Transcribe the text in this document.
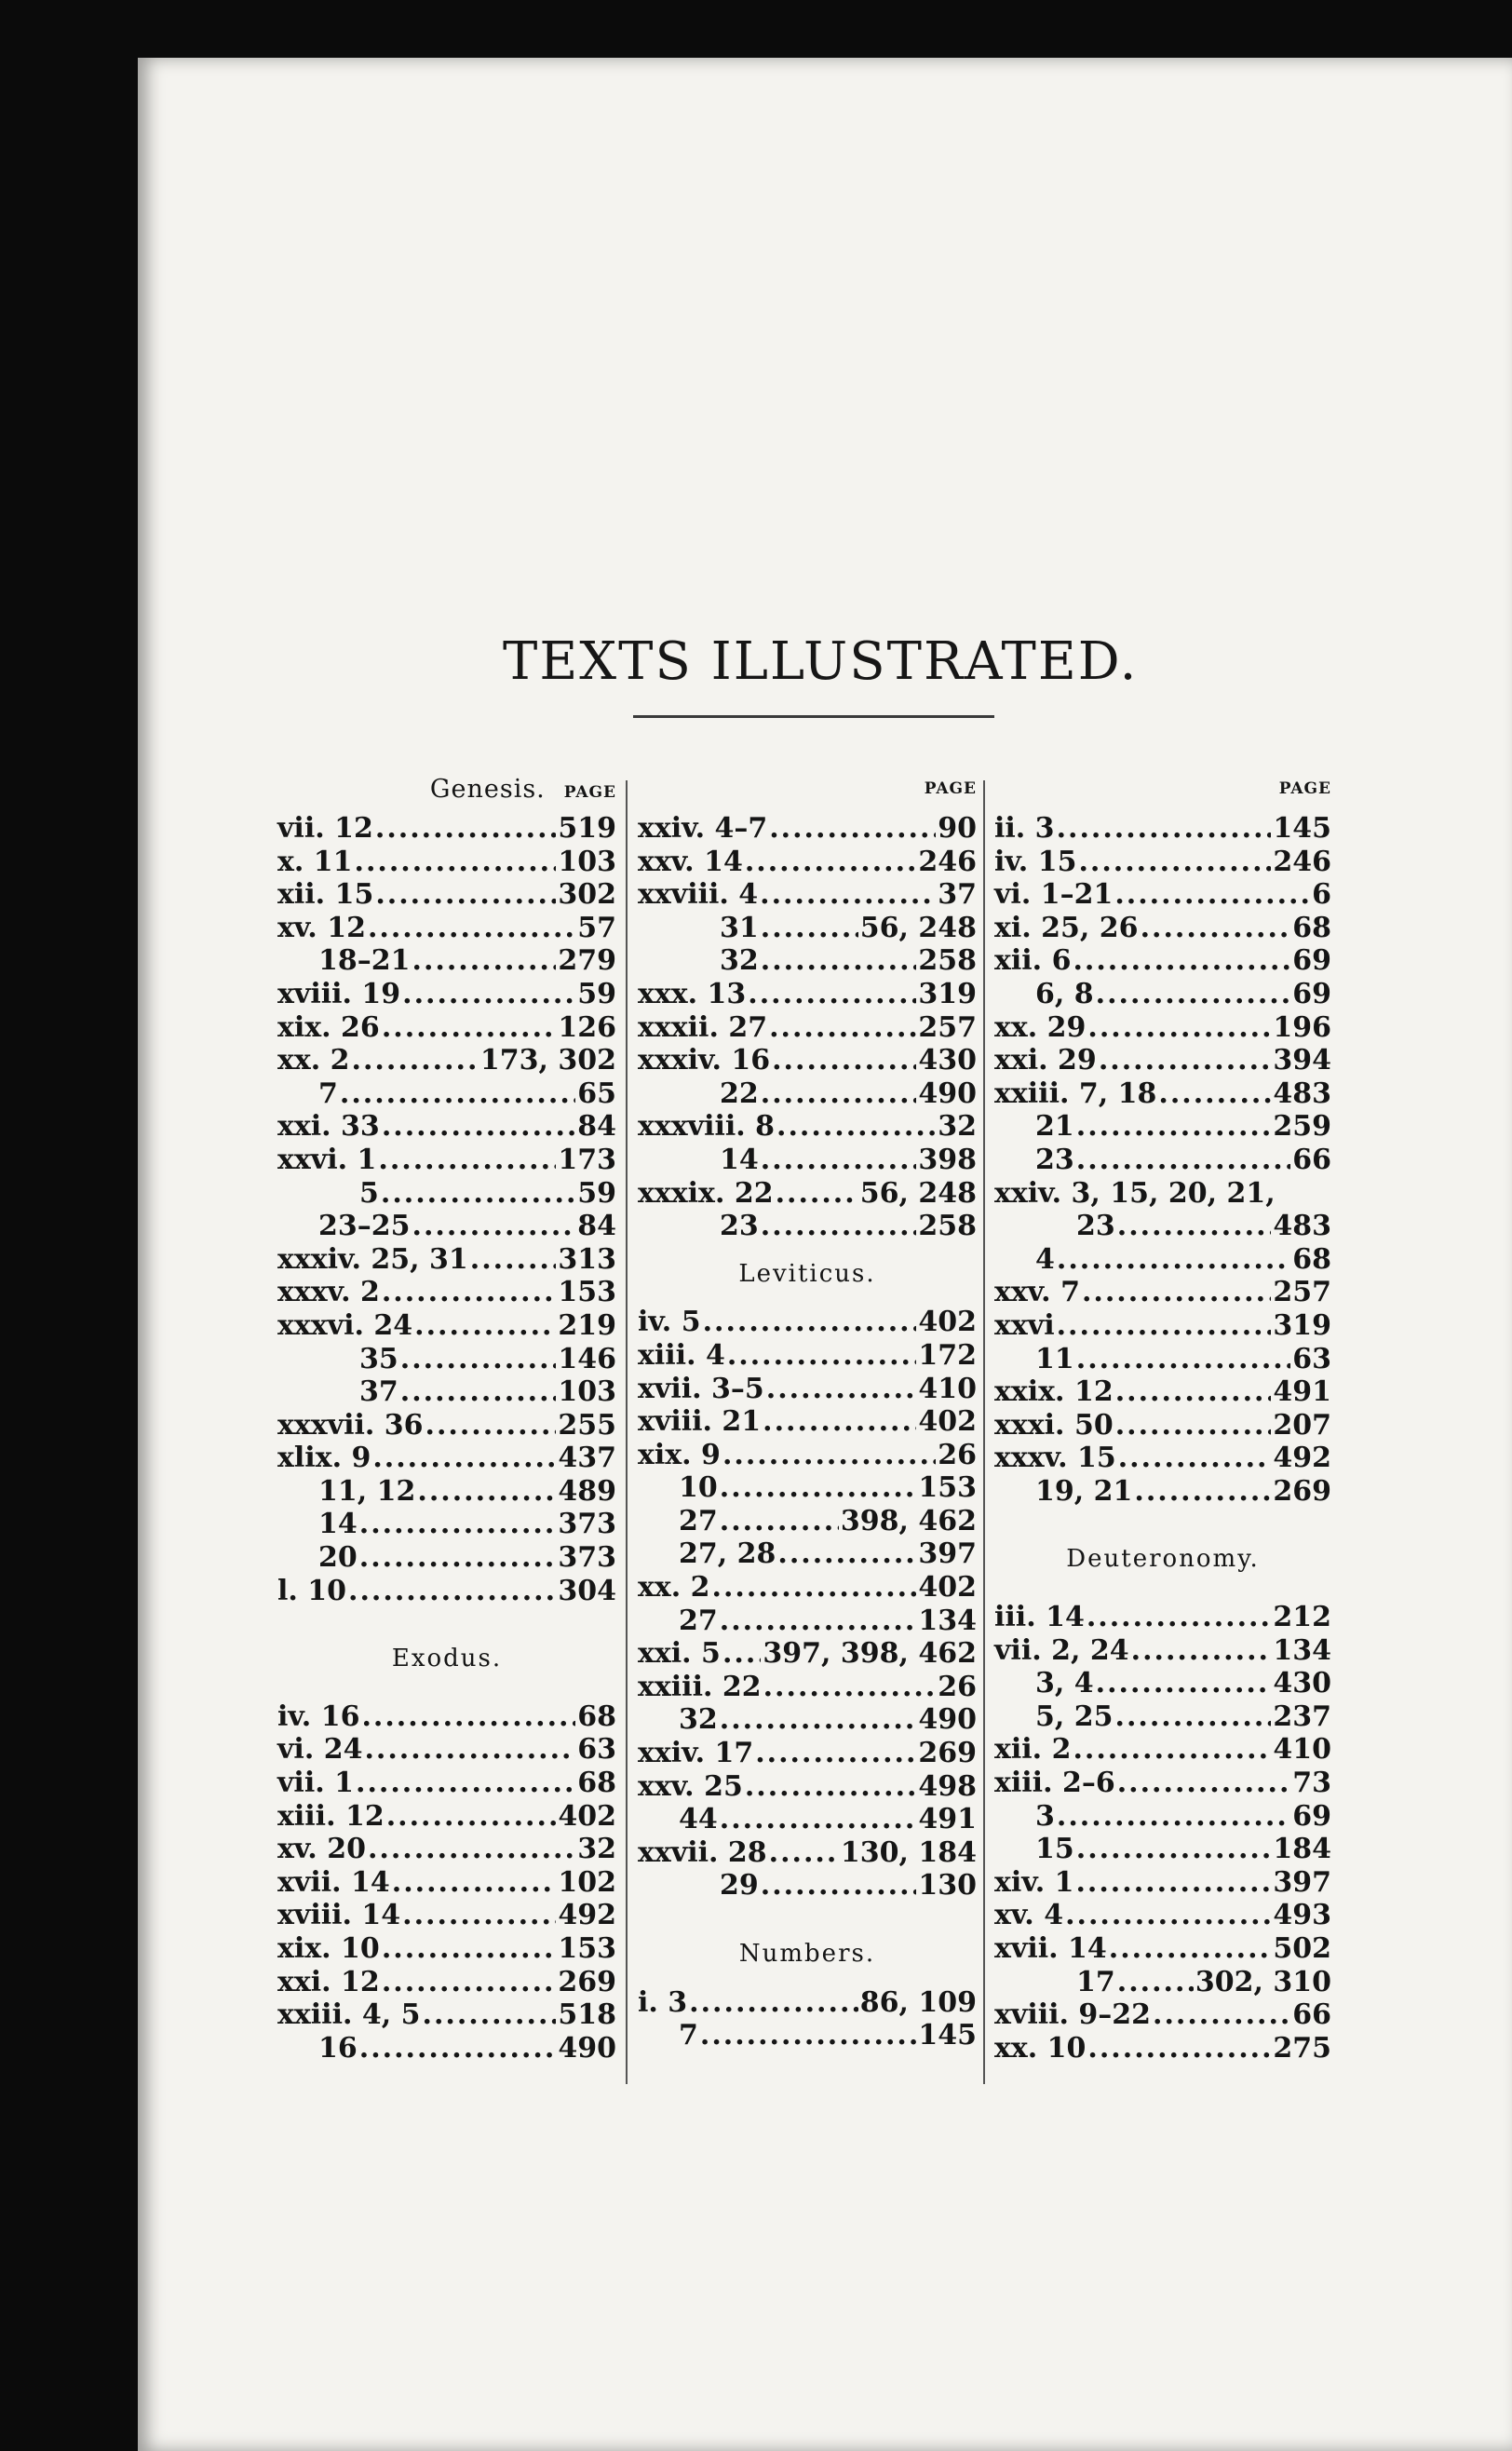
TEXTS ILLUSTRATED.
Genesis. PAGE
vii. 12 .....	519
x. 11 .....	103
xii. 15 .....	302
xv. 12 .....	57
18–21 .....	279
xviii. 19 .....	59
xix. 26 .....	126
xx. 2 .....	173, 302
7 .....	65
xxi. 33 .....	84
xxvi. 1 .....	173
5 .....	59
23–25 .....	84
xxxiv. 25, 31 .....	313
xxxv. 2 .....	153
xxxvi. 24 .....	219
35 .....	146
37 .....	103
xxxvii. 36 .....	255
xlix. 9 .....	437
11, 12 .....	489
14 .....	373
20 .....	373
l. 10 .....	304
Exodus.
iv. 16 .....	68
vi. 24 .....	63
vii. 1 .....	68
xiii. 12 .....	402
xv. 20 .....	32
xvii. 14 .....	102
xviii. 14 .....	492
xix. 10 .....	153
xxi. 12 .....	269
xxiii. 4, 5 .....	518
16 .....	490
PAGE
xxiv. 4–7 .....	90
xxv. 14 .....	246
xxviii. 4 .....	37
31 .....	56, 248
32 .....	258
xxx. 13 .....	319
xxxii. 27 .....	257
xxxiv. 16 .....	430
22 .....	490
xxxviii. 8 .....	32
14 .....	398
xxxix. 22 .....	56, 248
23 .....	258
Leviticus.
iv. 5 .....	402
xiii. 4 .....	172
xvii. 3–5 .....	410
xviii. 21 .....	402
xix. 9 .....	26
10 .....	153
27 .....	398, 462
27, 28 .....	397
xx. 2 .....	402
27 .....	134
xxi. 5 ..... 397, 398, 462
xxiii. 22 .....	26
32 .....	490
xxiv. 17 .....	269
xxv. 25 .....	498
44 .....	491
xxvii. 28 .....	130, 184
29 .....	130
Numbers.
i. 3 .....	86, 109
7 .....	145
PAGE
ii. 3 .....	145
iv. 15 .....	246
vi. 1–21 .....	6
xi. 25, 26 .....	68
xii. 6 .....	69
6, 8 .....	69
xx. 29 .....	196
xxi. 29 .....	394
xxiii. 7, 18 .....	483
21 .....	259
23 .....	66
xxiv. 3, 15, 20, 21,
23 .....	483
4 .....	68
xxv. 7 .....	257
xxvi .....	319
11 .....	63
xxix. 12 .....	491
xxxi. 50 .....	207
xxxv. 15 .....	492
19, 21 .....	269
Deuteronomy.
iii. 14 .....	212
vii. 2, 24 .....	134
3, 4 .....	430
5, 25 .....	237
xii. 2 .....	410
xiii. 2–6 .....	73
3 .....	69
15 .....	184
xiv. 1 .....	397
xv. 4 .....	493
xvii. 14 .....	502
17 .....	302, 310
xviii. 9–22 .....	66
xx. 10 .....	275
